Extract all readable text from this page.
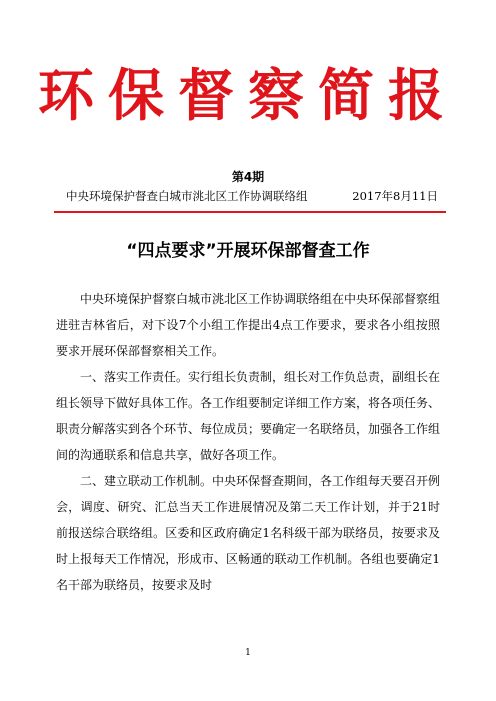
环保督察简报
第4期
中央环境保护督查白城市洮北区工作协调联络组	2017年8月11日
“四点要求”开展环保部督查工作

中央环境保护督察白城市洮北区工作协调联络组在中央环保部督察组进驻吉林省后，对下设7个小组工作提出4点工作要求，要求各小组按照要求开展环保部督察相关工作。

一、落实工作责任。实行组长负责制，组长对工作负总责，副组长在组长领导下做好具体工作。各工作组要制定详细工作方案，将各项任务、职责分解落实到各个环节、每位成员；要确定一名联络员，加强各工作组间的沟通联系和信息共享，做好各项工作。

二、建立联动工作机制。中央环保督查期间，各工作组每天要召开例会，调度、研究、汇总当天工作进展情况及第二天工作计划，并于21时前报送综合联络组。区委和区政府确定1名科级干部为联络员，按要求及时上报每天工作情况，形成市、区畅通的联动工作机制。各组也要确定1名干部为联络员，按要求及时

1
